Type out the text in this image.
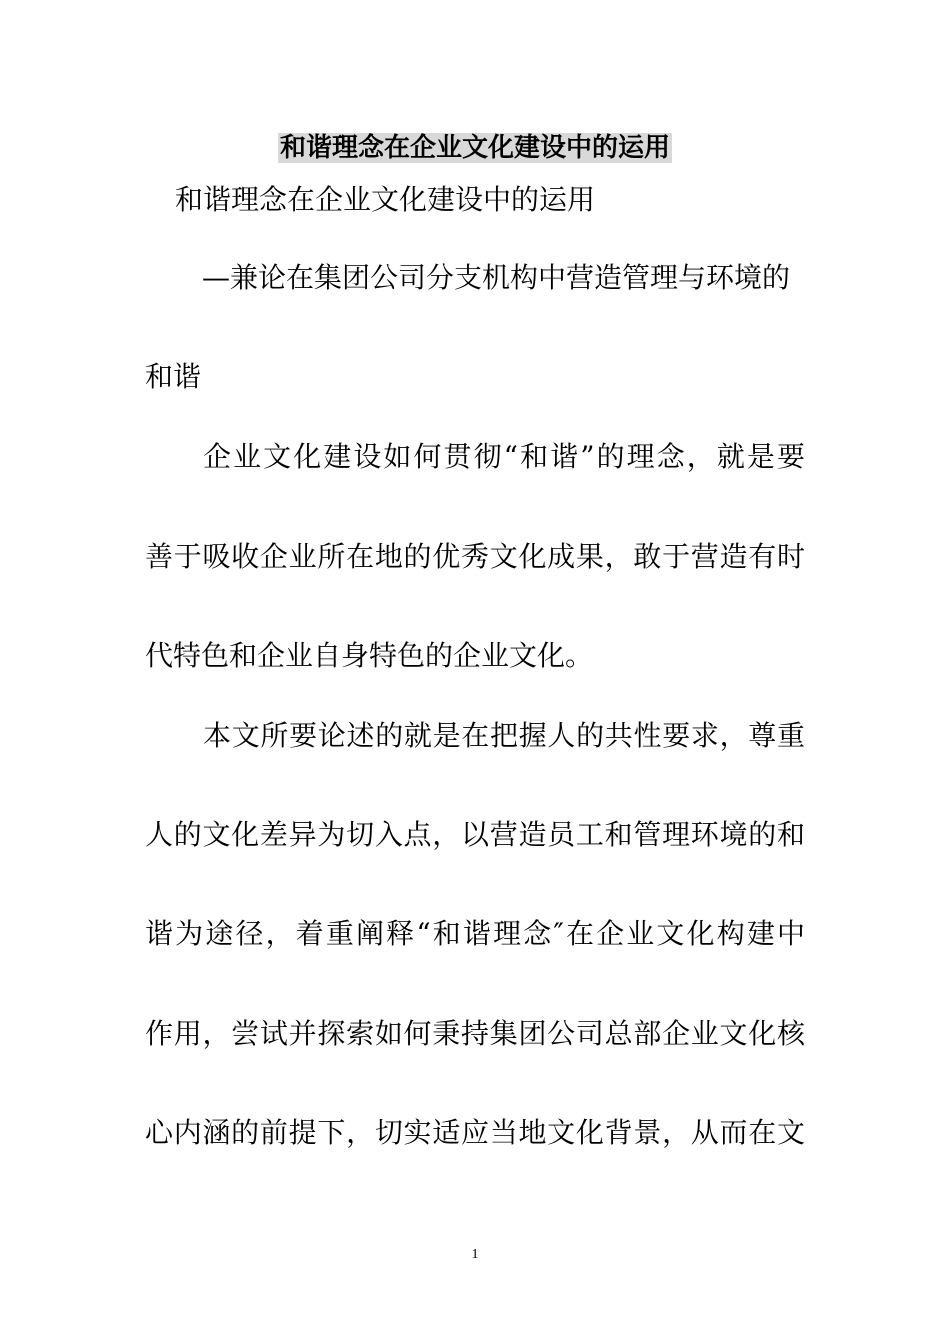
和谐理念在企业文化建设中的运用

和谐理念在企业文化建设中的运用

—兼论在集团公司分支机构中营造管理与环境的

和谐

企业文化建设如何贯彻“和谐”的理念，就是要

善于吸收企业所在地的优秀文化成果，敢于营造有时

代特色和企业自身特色的企业文化。

本文所要论述的就是在把握人的共性要求，尊重

人的文化差异为切入点，以营造员工和管理环境的和

谐为途径，着重阐释“和谐理念″在企业文化构建中

作用，尝试并探索如何秉持集团公司总部企业文化核

心内涵的前提下，切实适应当地文化背景，从而在文

1
